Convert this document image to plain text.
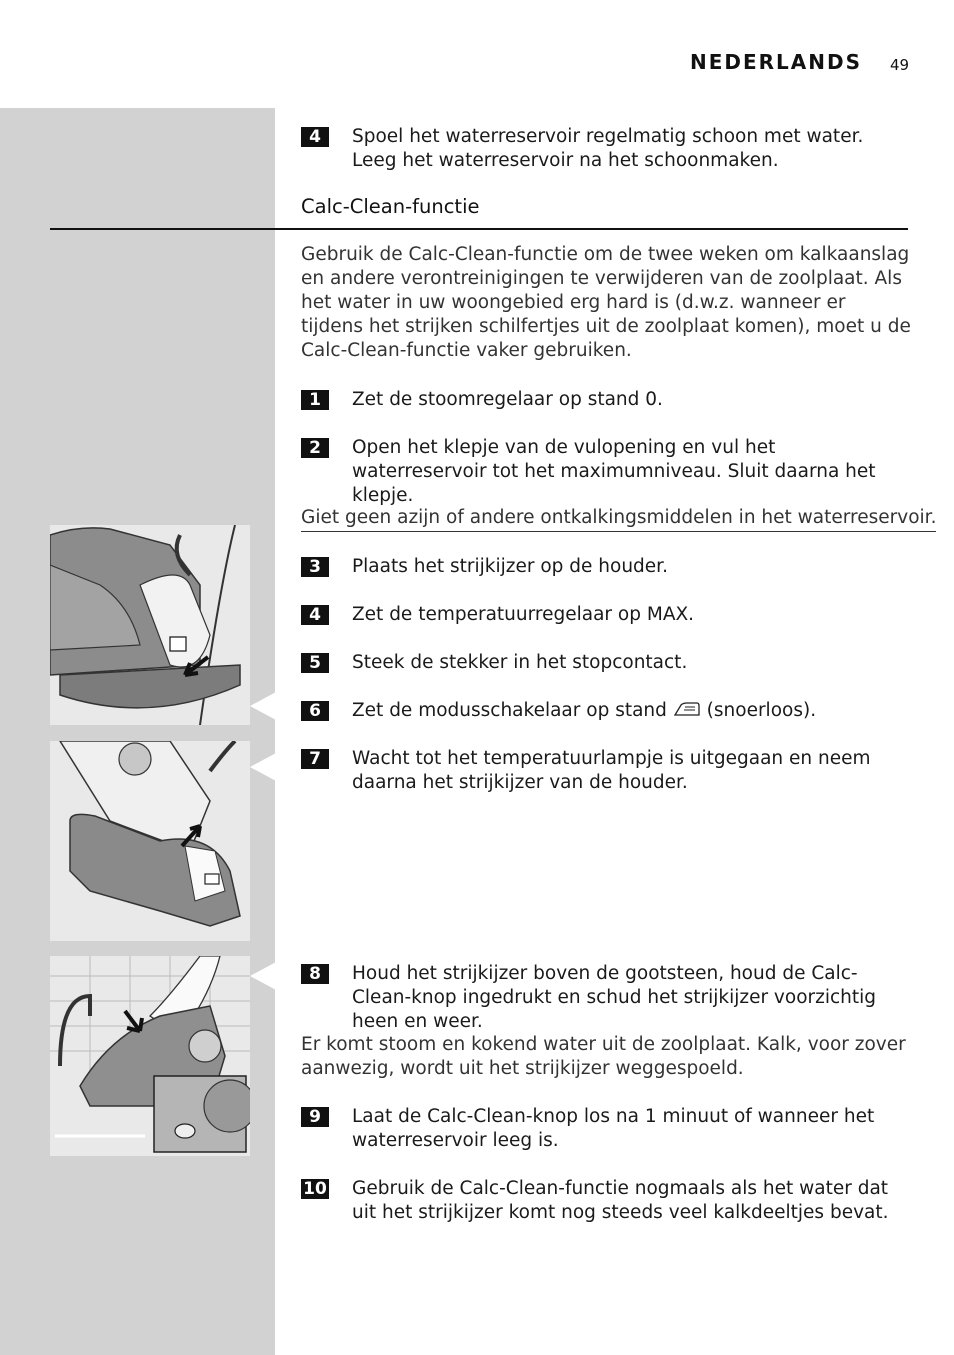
NEDERLANDS 49
4	Spoel het waterreservoir regelmatig schoon met water. Leeg het waterreservoir na het schoonmaken.
Calc-Clean-functie
Gebruik de Calc-Clean-functie om de twee weken om kalkaanslag en andere verontreinigingen te verwijderen van de zoolplaat. Als het water in uw woongebied erg hard is (d.w.z. wanneer er tijdens het strijken schilfertjes uit de zoolplaat komen), moet u de Calc-Clean-functie vaker gebruiken.
1	Zet de stoomregelaar op stand 0.
2	Open het klepje van de vulopening en vul het waterreservoir tot het maximumniveau. Sluit daarna het klepje.
Giet geen azijn of andere ontkalkingsmiddelen in het waterreservoir.
3	Plaats het strijkijzer op de houder.
4	Zet de temperatuurregelaar op MAX.
5	Steek de stekker in het stopcontact.
6	Zet de modusschakelaar op stand (snoerloos).
7	Wacht tot het temperatuurlampje is uitgegaan en neem daarna het strijkijzer van de houder.
8	Houd het strijkijzer boven de gootsteen, houd de Calc-Clean-knop ingedrukt en schud het strijkijzer voorzichtig heen en weer.
Er komt stoom en kokend water uit de zoolplaat. Kalk, voor zover aanwezig, wordt uit het strijkijzer weggespoeld.
9	Laat de Calc-Clean-knop los na 1 minuut of wanneer het waterreservoir leeg is.
10 Gebruik de Calc-Clean-functie nogmaals als het water dat uit het strijkijzer komt nog steeds veel kalkdeeltjes bevat.
